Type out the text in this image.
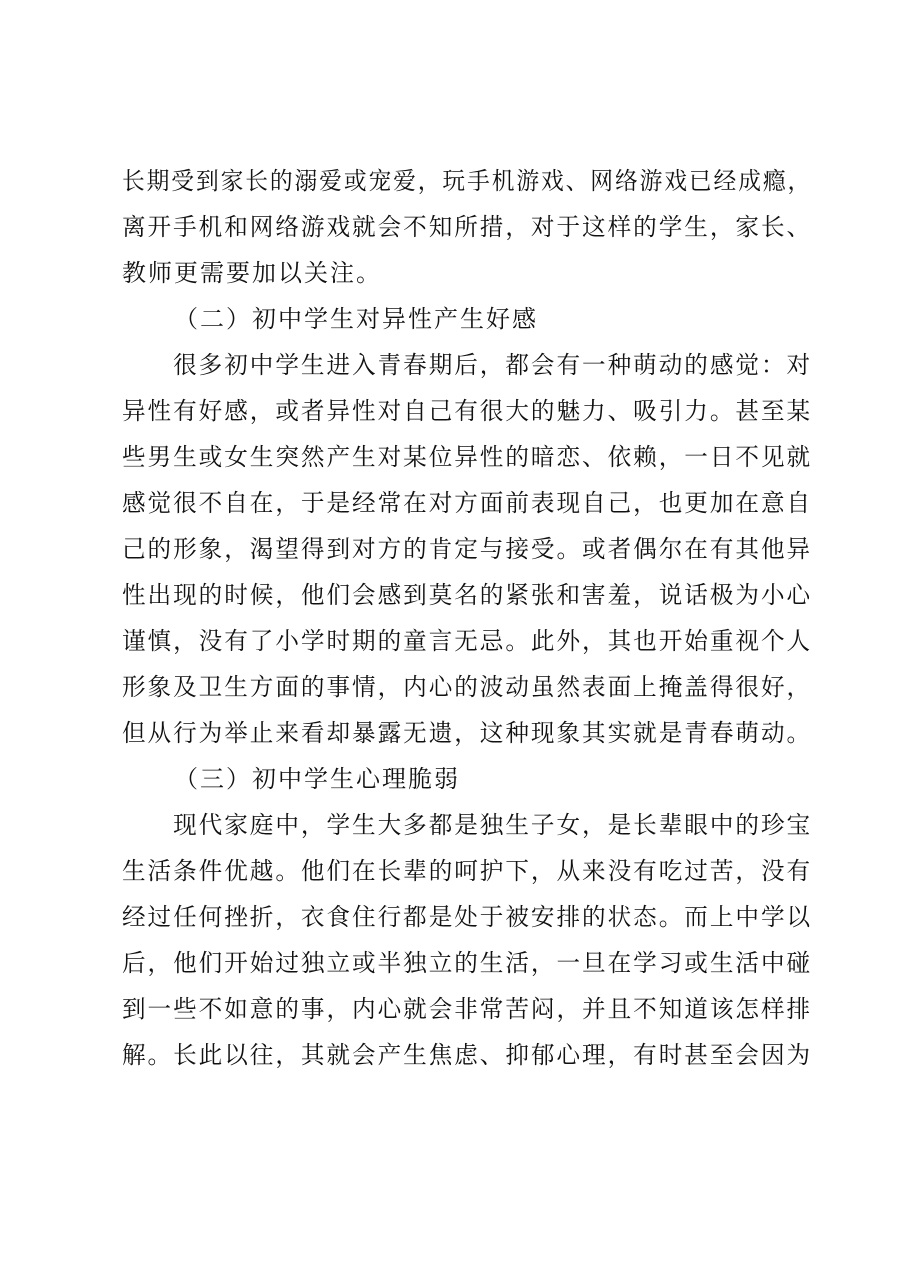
长期受到家长的溺爱或宠爱，玩手机游戏、网络游戏已经成瘾，
离开手机和网络游戏就会不知所措，对于这样的学生，家长、
教师更需要加以关注。
（二）初中学生对异性产生好感
很多初中学生进入青春期后，都会有一种萌动的感觉：对
异性有好感，或者异性对自己有很大的魅力、吸引力。甚至某
些男生或女生突然产生对某位异性的暗恋、依赖，一日不见就
感觉很不自在，于是经常在对方面前表现自己，也更加在意自
己的形象，渴望得到对方的肯定与接受。或者偶尔在有其他异
性出现的时候，他们会感到莫名的紧张和害羞，说话极为小心
谨慎，没有了小学时期的童言无忌。此外，其也开始重视个人
形象及卫生方面的事情，内心的波动虽然表面上掩盖得很好，
但从行为举止来看却暴露无遗，这种现象其实就是青春萌动。
（三）初中学生心理脆弱
现代家庭中，学生大多都是独生子女，是长辈眼中的珍宝
生活条件优越。他们在长辈的呵护下，从来没有吃过苦，没有
经过任何挫折，衣食住行都是处于被安排的状态。而上中学以
后，他们开始过独立或半独立的生活，一旦在学习或生活中碰
到一些不如意的事，内心就会非常苦闷，并且不知道该怎样排
解。长此以往，其就会产生焦虑、抑郁心理，有时甚至会因为
